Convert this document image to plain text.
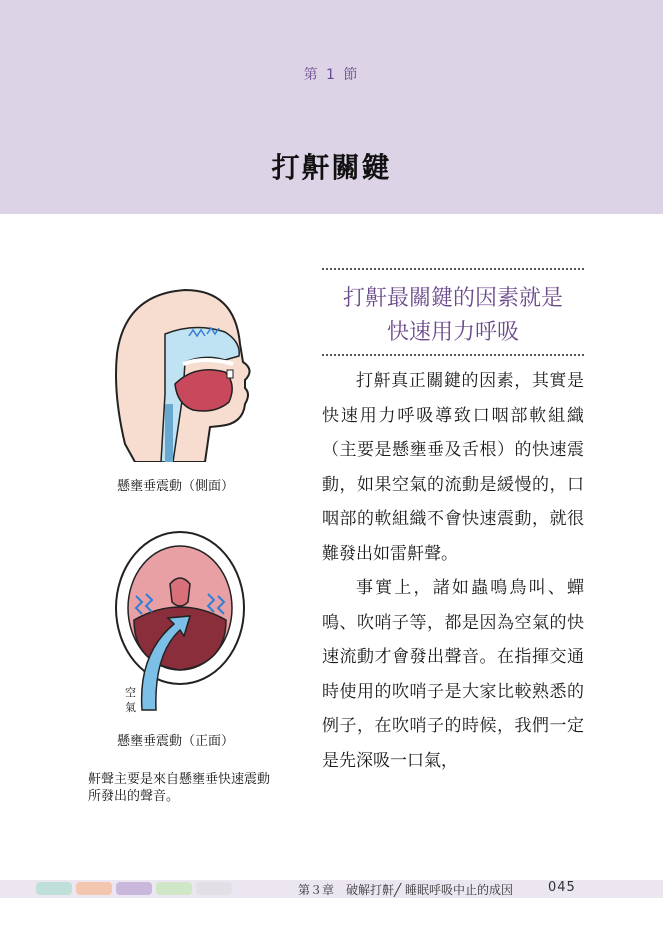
第 1 節
打鼾關鍵
懸壅垂震動（側面）
空
氣
懸壅垂震動（正面）
鼾聲主要是來自懸壅垂快速震動
所發出的聲音。
打鼾最關鍵的因素就是
快速用力呼吸

打鼾真正關鍵的因素，其實是快速用力呼吸導致口咽部軟組織（主要是懸壅垂及舌根）的快速震動，如果空氣的流動是緩慢的，口咽部的軟組織不會快速震動，就很難發出如雷鼾聲。

事實上，諸如蟲鳴鳥叫、蟬鳴、吹哨子等，都是因為空氣的快速流動才會發出聲音。在指揮交通時使用的吹哨子是大家比較熟悉的例子，在吹哨子的時候，我們一定是先深吸一口氣，

第３章　破解打鼾╱ 睡眠呼吸中止的成因	045
